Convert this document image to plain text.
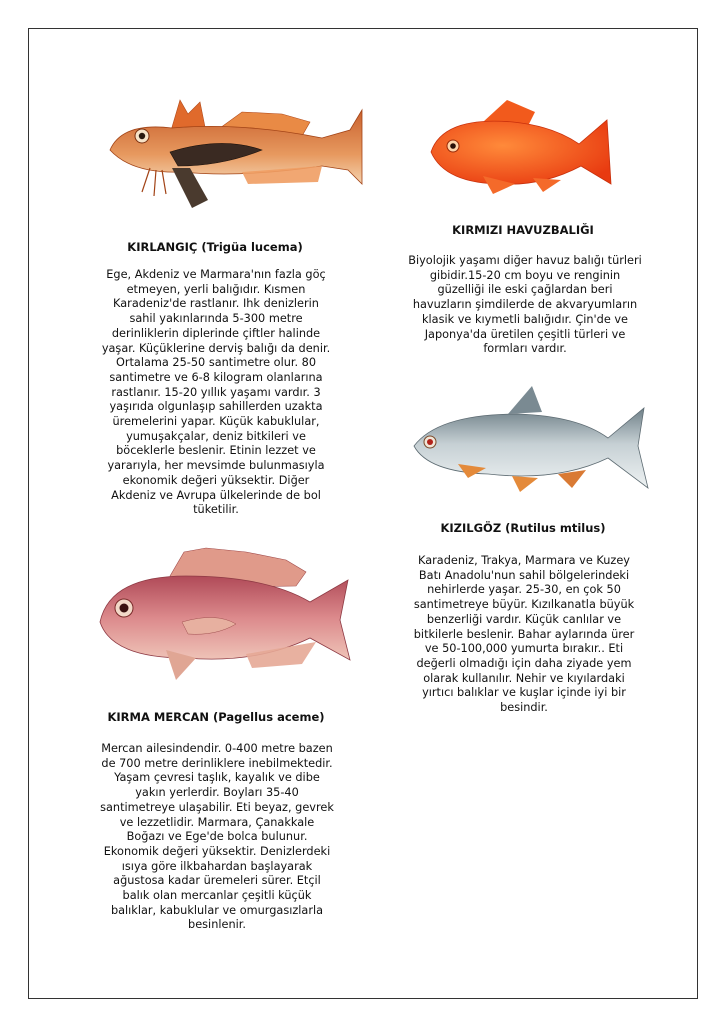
KIRLANGIÇ (Trigüa lucema)
Ege, Akdeniz ve Marmara'nın fazla göç
etmeyen, yerli balığıdır. Kısmen
Karadeniz'de rastlanır. Ihk denizlerin
sahil yakınlarında 5-300 metre
derinliklerin diplerinde çiftler halinde
yaşar. Küçüklerine derviş balığı da denir.
Ortalama 25-50 santimetre olur. 80
santimetre ve 6-8 kilogram olanlarına
rastlanır. 15-20 yıllık yaşamı vardır. 3
yaşırıda olgunlaşıp sahillerden uzakta
üremelerini yapar. Küçük kabuklular,
yumuşakçalar, deniz bitkileri ve
böceklerle beslenir. Etinin lezzet ve
yararıyla, her mevsimde bulunmasıyla
ekonomik değeri yüksektir. Diğer
Akdeniz ve Avrupa ülkelerinde de bol
tüketilir.
KIRMIZI HAVUZBALIĞI
Biyolojik yaşamı diğer havuz balığı türleri
gibidir.15-20 cm boyu ve renginin
güzelliği ile eski çağlardan beri
havuzların şimdilerde de akvaryumların
klasik ve kıymetli balığıdır. Çin'de ve
Japonya'da üretilen çeşitli türleri ve
formları vardır.
KIZILGÖZ (Rutilus mtilus)
Karadeniz, Trakya, Marmara ve Kuzey
Batı Anadolu'nun sahil bölgelerindeki
nehirlerde yaşar. 25-30, en çok 50
santimetreye büyür. Kızılkanatla büyük
benzerliği vardır. Küçük canlılar ve
bitkilerle beslenir. Bahar aylarında ürer
ve 50-100,000 yumurta bırakır.. Eti
değerli olmadığı için daha ziyade yem
olarak kullanılır. Nehir ve kıyılardaki
yırtıcı balıklar ve kuşlar içinde iyi bir
besindir.
KIRMA MERCAN (Pagellus aceme)
Mercan ailesindendir. 0-400 metre bazen
de 700 metre derinliklere inebilmektedir.
Yaşam çevresi taşlık, kayalık ve dibe
yakın yerlerdir. Boyları 35-40
santimetreye ulaşabilir. Eti beyaz, gevrek
ve lezzetlidir. Marmara, Çanakkale
Boğazı ve Ege'de bolca bulunur.
Ekonomik değeri yüksektir. Denizlerdeki
ısıya göre ilkbahardan başlayarak
ağustosa kadar üremeleri sürer. Etçil
balık olan mercanlar çeşitli küçük
balıklar, kabuklular ve omurgasızlarla
besinlenir.
